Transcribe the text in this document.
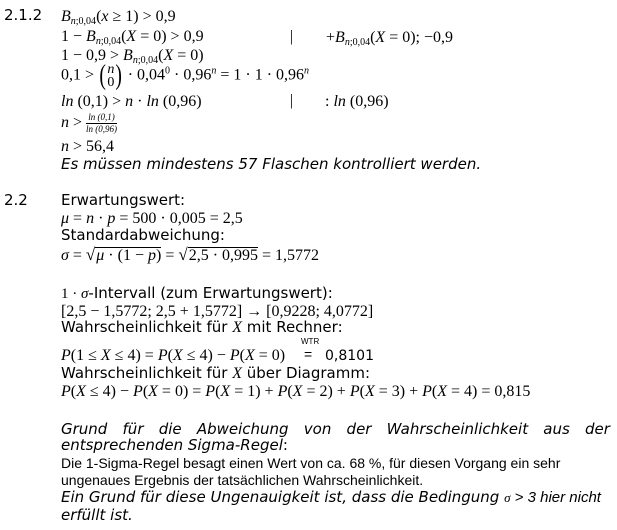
2.1.2 $B_{n;0,04}(x \ge 1) > 0,9$
$1 - B_{n;0,04}(X = 0) > 0,9$	| $+B_{n;0,04}(X = 0)$; −0,9
$1 - 0,9 > B_{n;0,04}(X = 0)$
0,1 > (n
$0) \cdot 0,04^0 \cdot 0,96^n = 1 \cdot 1 \cdot 0,96^n$
ln (0,1) > n · ln (0,96)	| : ln (0,96)
$n > \frac{\ln (0,1)}{\ln (0,96)}$
n > 56,4
Es müssen mindestens 57 Flaschen kontrolliert werden.
2.2 Erwartungswert:
μ = n · p = 500 · 0,005 = 2,5
Standardabweichung:
σ = √μ · (1 − p) = √2,5 · 0,995 = 1,5772
1 · σ-Intervall (zum Erwartungswert):
[2,5 − 1,5772; 2,5 + 1,5772] → [0,9228; 4,0772]
Wahrscheinlichkeit für X mit Rechner:
WTR
P(1 ≤ X ≤ 4) = P(X ≤ 4) − P(X = 0) = 0,8101
Wahrscheinlichkeit für X über Diagramm:
P(X ≤ 4) − P(X = 0) = P(X = 1) + P(X = 2) + P(X = 3) + P(X = 4) = 0,815
Grund für die Abweichung von der Wahrscheinlichkeit aus der
entsprechenden Sigma-Regel:
Die 1-Sigma-Regel besagt einen Wert von ca. 68 %, für diesen Vorgang ein sehr
ungenaues Ergebnis der tatsächlichen Wahrscheinlichkeit.
Ein Grund für diese Ungenauigkeit ist, dass die Bedingung σ > 3 hier nicht
erfüllt ist.
